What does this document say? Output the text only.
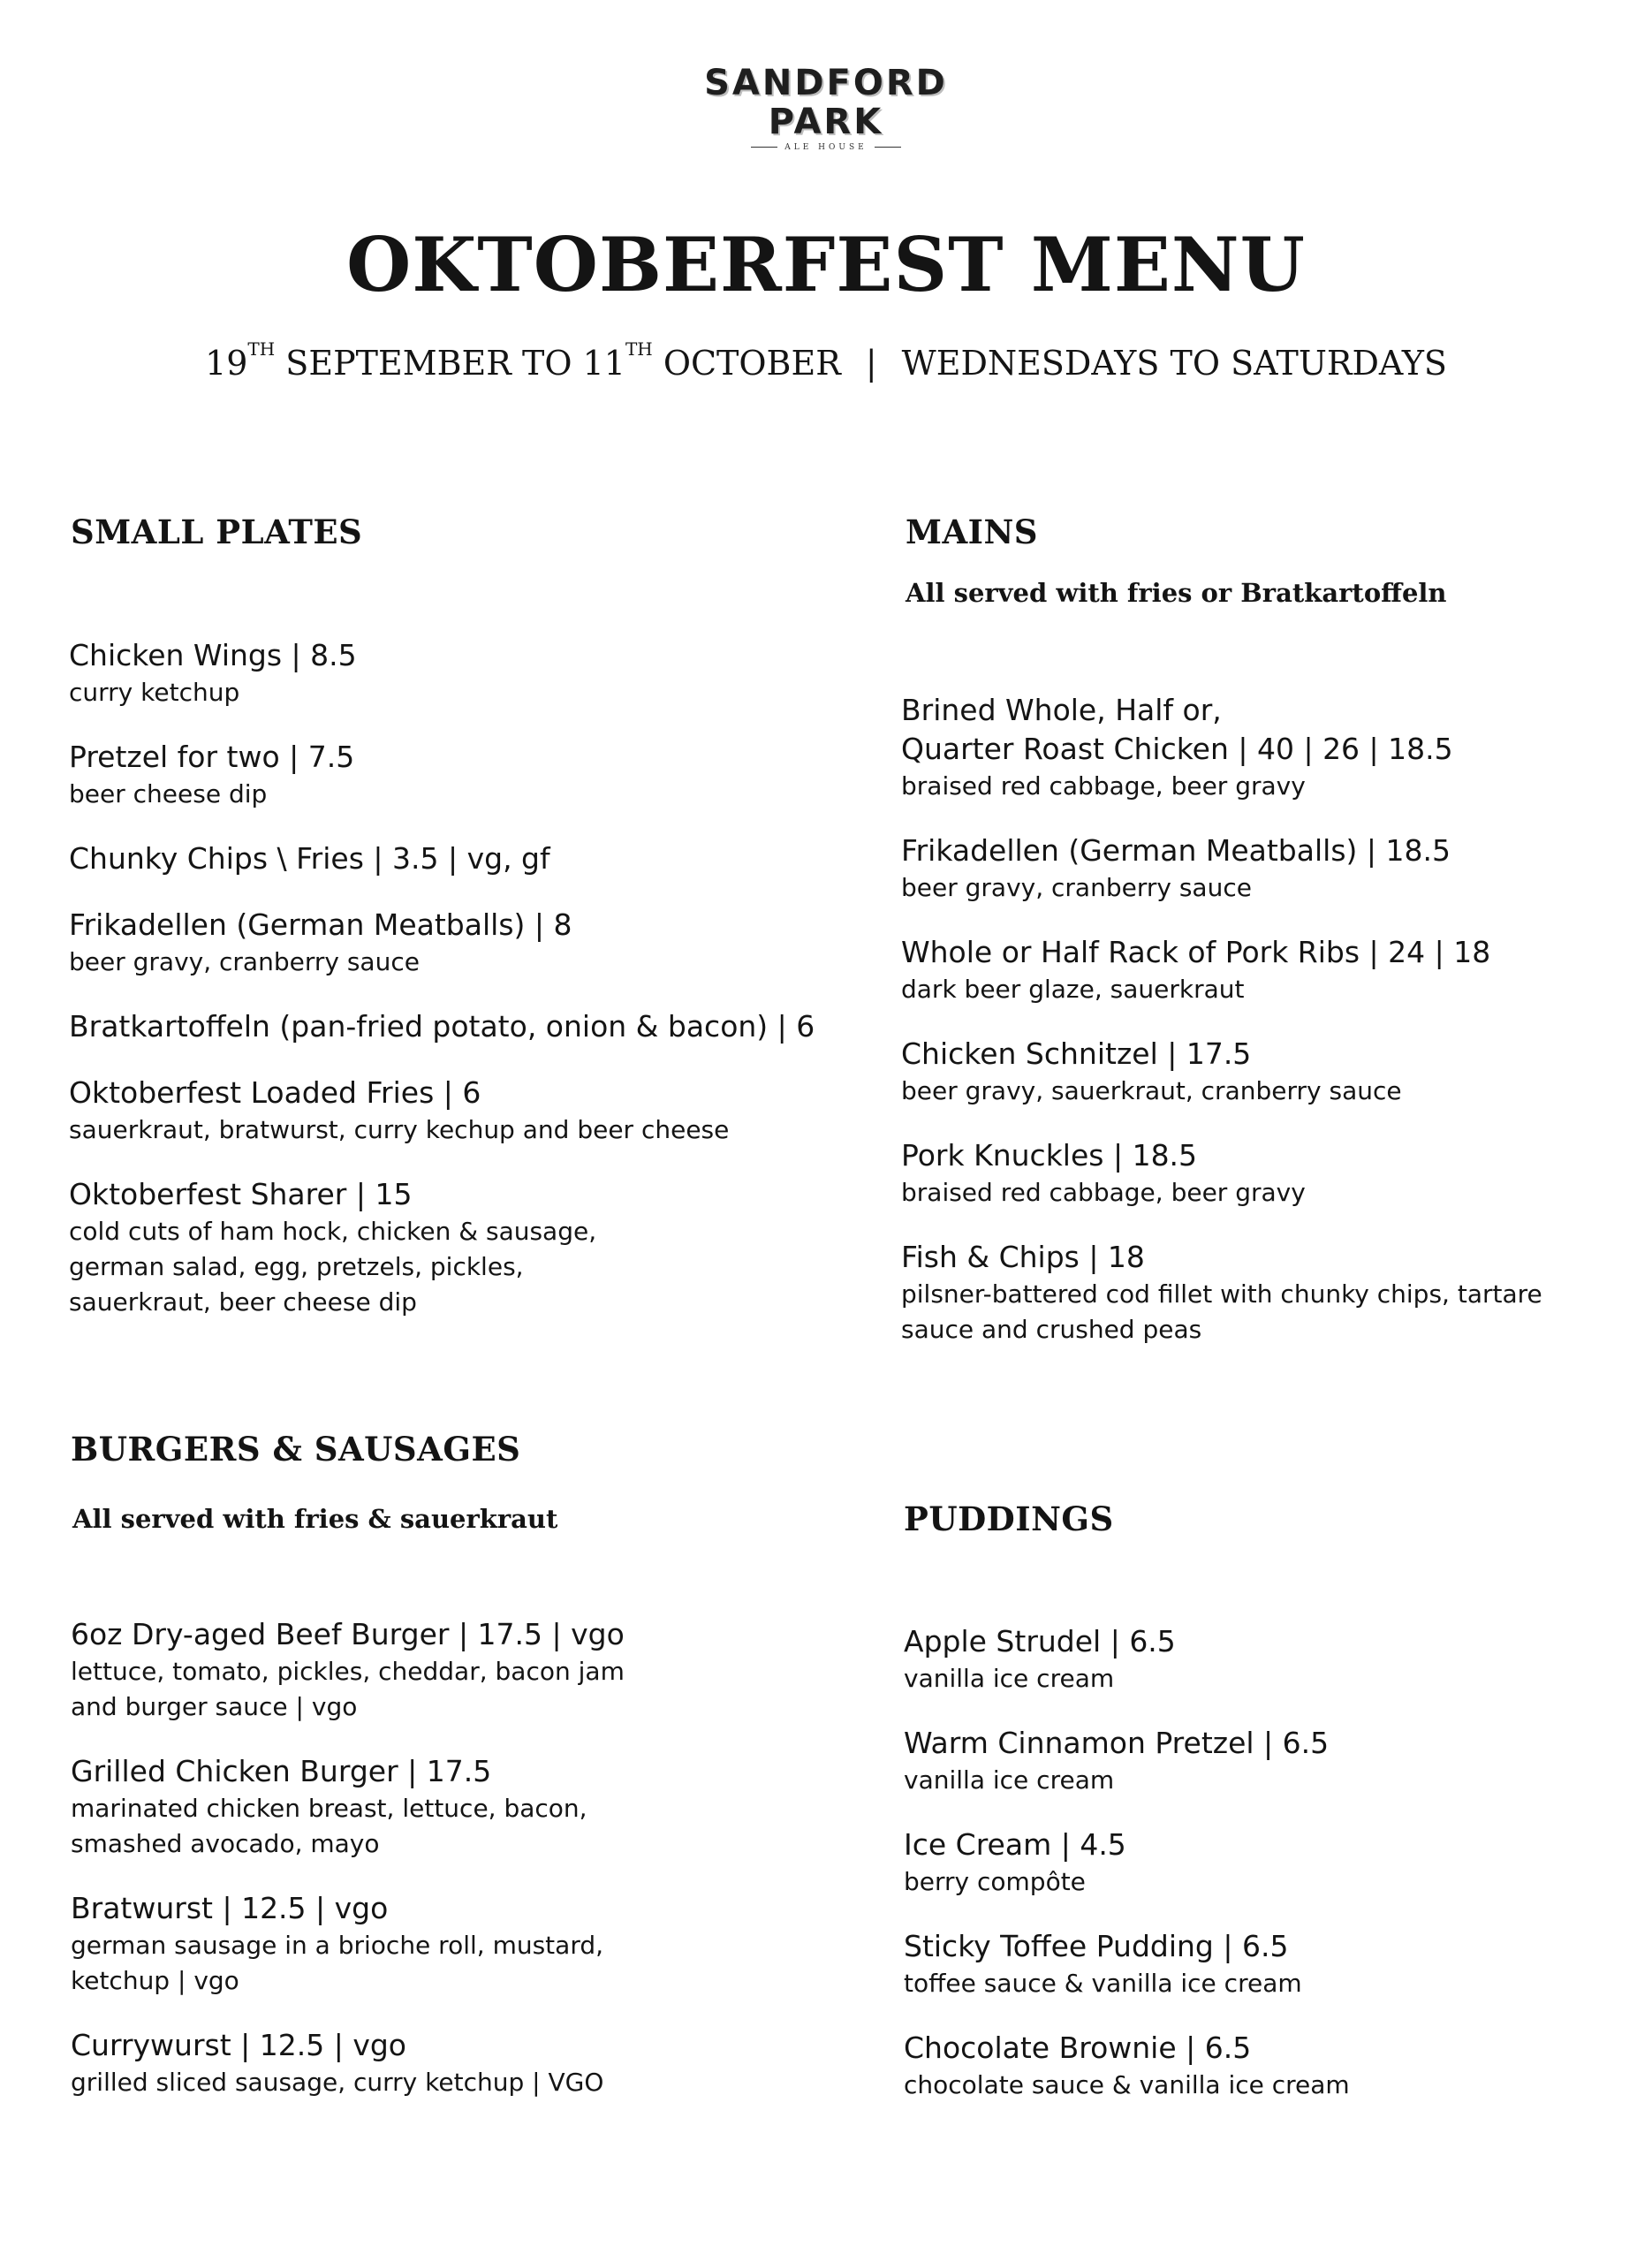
SANDFORD
PARK
ALE HOUSE
OKTOBERFEST MENU
19TH SEPTEMBER TO 11TH OCTOBER | WEDNESDAYS TO SATURDAYS
SMALL PLATES	MAINS
All served with fries or Bratkartoffeln
BURGERS & SAUSAGES
All served with fries & sauerkraut	PUDDINGS
Chicken Wings | 8.5
curry ketchup
Pretzel for two | 7.5
beer cheese dip
Chunky Chips \ Fries | 3.5 | vg, gf
Frikadellen (German Meatballs) | 8
beer gravy, cranberry sauce
Bratkartoffeln (pan-fried potato, onion & bacon) | 6
Oktoberfest Loaded Fries | 6
sauerkraut, bratwurst, curry kechup and beer cheese
Oktoberfest Sharer | 15
cold cuts of ham hock, chicken & sausage,
german salad, egg, pretzels, pickles,
sauerkraut, beer cheese dip
Brined Whole, Half or,
Quarter Roast Chicken | 40 | 26 | 18.5
braised red cabbage, beer gravy
Frikadellen (German Meatballs) | 18.5
beer gravy, cranberry sauce
Whole or Half Rack of Pork Ribs | 24 | 18
dark beer glaze, sauerkraut
Chicken Schnitzel | 17.5
beer gravy, sauerkraut, cranberry sauce
Pork Knuckles | 18.5
braised red cabbage, beer gravy
Fish & Chips | 18
pilsner-battered cod fillet with chunky chips, tartare
sauce and crushed peas
6oz Dry-aged Beef Burger | 17.5 | vgo
lettuce, tomato, pickles, cheddar, bacon jam
and burger sauce | vgo
Grilled Chicken Burger | 17.5
marinated chicken breast, lettuce, bacon,
smashed avocado, mayo
Bratwurst | 12.5 | vgo
german sausage in a brioche roll, mustard,
ketchup | vgo
Currywurst | 12.5 | vgo
grilled sliced sausage, curry ketchup | VGO
Apple Strudel | 6.5
vanilla ice cream
Warm Cinnamon Pretzel | 6.5
vanilla ice cream
Ice Cream | 4.5
berry compôte
Sticky Toffee Pudding | 6.5
toffee sauce & vanilla ice cream
Chocolate Brownie | 6.5
chocolate sauce & vanilla ice cream
